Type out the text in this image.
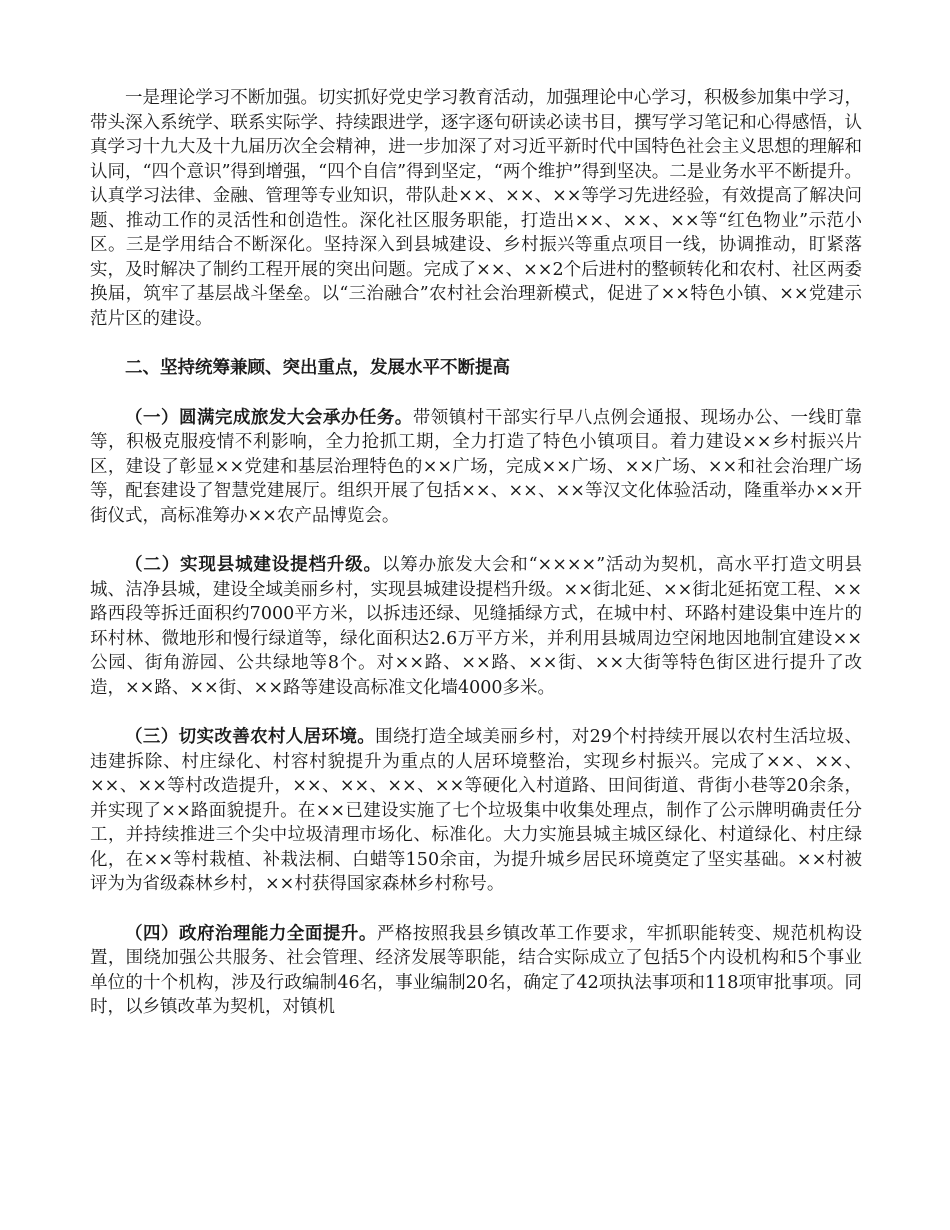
一是理论学习不断加强。切实抓好党史学习教育活动，加强理论中心学习，积极参加集中学习，带头深入系统学、联系实际学、持续跟进学，逐字逐句研读必读书目，撰写学习笔记和心得感悟，认真学习十九大及十九届历次全会精神，进一步加深了对习近平新时代中国特色社会主义思想的理解和认同，“四个意识”得到增强，“四个自信”得到坚定，“两个维护”得到坚决。二是业务水平不断提升。认真学习法律、金融、管理等专业知识，带队赴××、××、××等学习先进经验，有效提高了解决问题、推动工作的灵活性和创造性。深化社区服务职能，打造出××、××、××等“红色物业”示范小区。三是学用结合不断深化。坚持深入到县城建设、乡村振兴等重点项目一线，协调推动，盯紧落实，及时解决了制约工程开展的突出问题。完成了××、××2个后进村的整顿转化和农村、社区两委换届，筑牢了基层战斗堡垒。以“三治融合”农村社会治理新模式，促进了××特色小镇、××党建示范片区的建设。

二、坚持统筹兼顾、突出重点，发展水平不断提高

（一）圆满完成旅发大会承办任务。带领镇村干部实行早八点例会通报、现场办公、一线盯靠等，积极克服疫情不利影响，全力抢抓工期，全力打造了特色小镇项目。着力建设××乡村振兴片区，建设了彰显××党建和基层治理特色的××广场，完成××广场、××广场、××和社会治理广场等，配套建设了智慧党建展厅。组织开展了包括××、××、××等汉文化体验活动，隆重举办××开街仪式，高标准筹办××农产品博览会。

（二）实现县城建设提档升级。以筹办旅发大会和“××××”活动为契机，高水平打造文明县城、洁净县城，建设全域美丽乡村，实现县城建设提档升级。××街北延、××街北延拓宽工程、××路西段等拆迁面积约7000平方米，以拆违还绿、见缝插绿方式，在城中村、环路村建设集中连片的环村林、微地形和慢行绿道等，绿化面积达2.6万平方米，并利用县城周边空闲地因地制宜建设××公园、街角游园、公共绿地等8个。对××路、××路、××街、××大街等特色街区进行提升了改造，××路、××街、××路等建设高标准文化墙4000多米。

（三）切实改善农村人居环境。围绕打造全域美丽乡村，对29个村持续开展以农村生活垃圾、违建拆除、村庄绿化、村容村貌提升为重点的人居环境整治，实现乡村振兴。完成了××、××、××、××等村改造提升，××、××、××、××等硬化入村道路、田间街道、背街小巷等20余条，并实现了××路面貌提升。在××已建设实施了七个垃圾集中收集处理点，制作了公示牌明确责任分工，并持续推进三个尖中垃圾清理市场化、标准化。大力实施县城主城区绿化、村道绿化、村庄绿化，在××等村栽植、补栽法桐、白蜡等150余亩，为提升城乡居民环境奠定了坚实基础。××村被评为为省级森林乡村，××村获得国家森林乡村称号。

（四）政府治理能力全面提升。严格按照我县乡镇改革工作要求，牢抓职能转变、规范机构设置，围绕加强公共服务、社会管理、经济发展等职能，结合实际成立了包括5个内设机构和5个事业单位的十个机构，涉及行政编制46名，事业编制20名，确定了42项执法事项和118项审批事项。同时，以乡镇改革为契机，对镇机
